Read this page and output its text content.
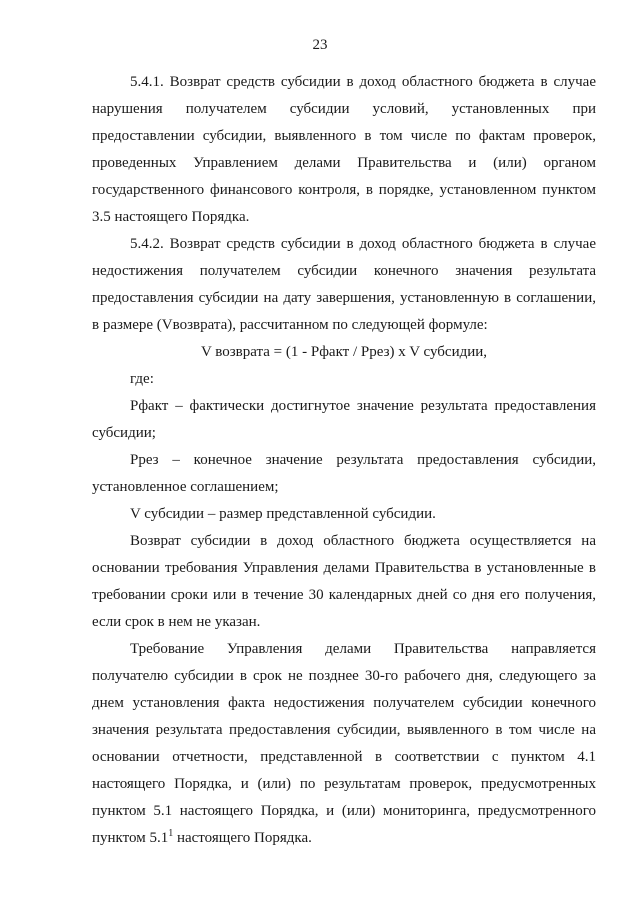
23

5.4.1. Возврат средств субсидии в доход областного бюджета в случае нарушения получателем субсидии условий, установленных при предоставлении субсидии, выявленного в том числе по фактам проверок, проведенных Управлением делами Правительства и (или) органом государственного финансового контроля, в порядке, установленном пунктом 3.5 настоящего Порядка.

5.4.2. Возврат средств субсидии в доход областного бюджета в случае недостижения получателем субсидии конечного значения результата предоставления субсидии на дату завершения, установленную в соглашении, в размере (Vвозврата), рассчитанном по следующей формуле:

V возврата = (1 - Рфакт / Ррез) x V субсидии,

где:

Рфакт – фактически достигнутое значение результата предоставления субсидии;

Ррез – конечное значение результата предоставления субсидии, установленное соглашением;

V субсидии – размер представленной субсидии.

Возврат субсидии в доход областного бюджета осуществляется на основании требования Управления делами Правительства в установленные в требовании сроки или в течение 30 календарных дней со дня его получения, если срок в нем не указан.

Требование Управления делами Правительства направляется получателю субсидии в срок не позднее 30-го рабочего дня, следующего за днем установления факта недостижения получателем субсидии конечного значения результата предоставления субсидии, выявленного в том числе на основании отчетности, представленной в соответствии с пунктом 4.1 настоящего Порядка, и (или) по результатам проверок, предусмотренных пунктом 5.1 настоящего Порядка, и (или) мониторинга, предусмотренного пунктом $5.1^1$ настоящего Порядка.
